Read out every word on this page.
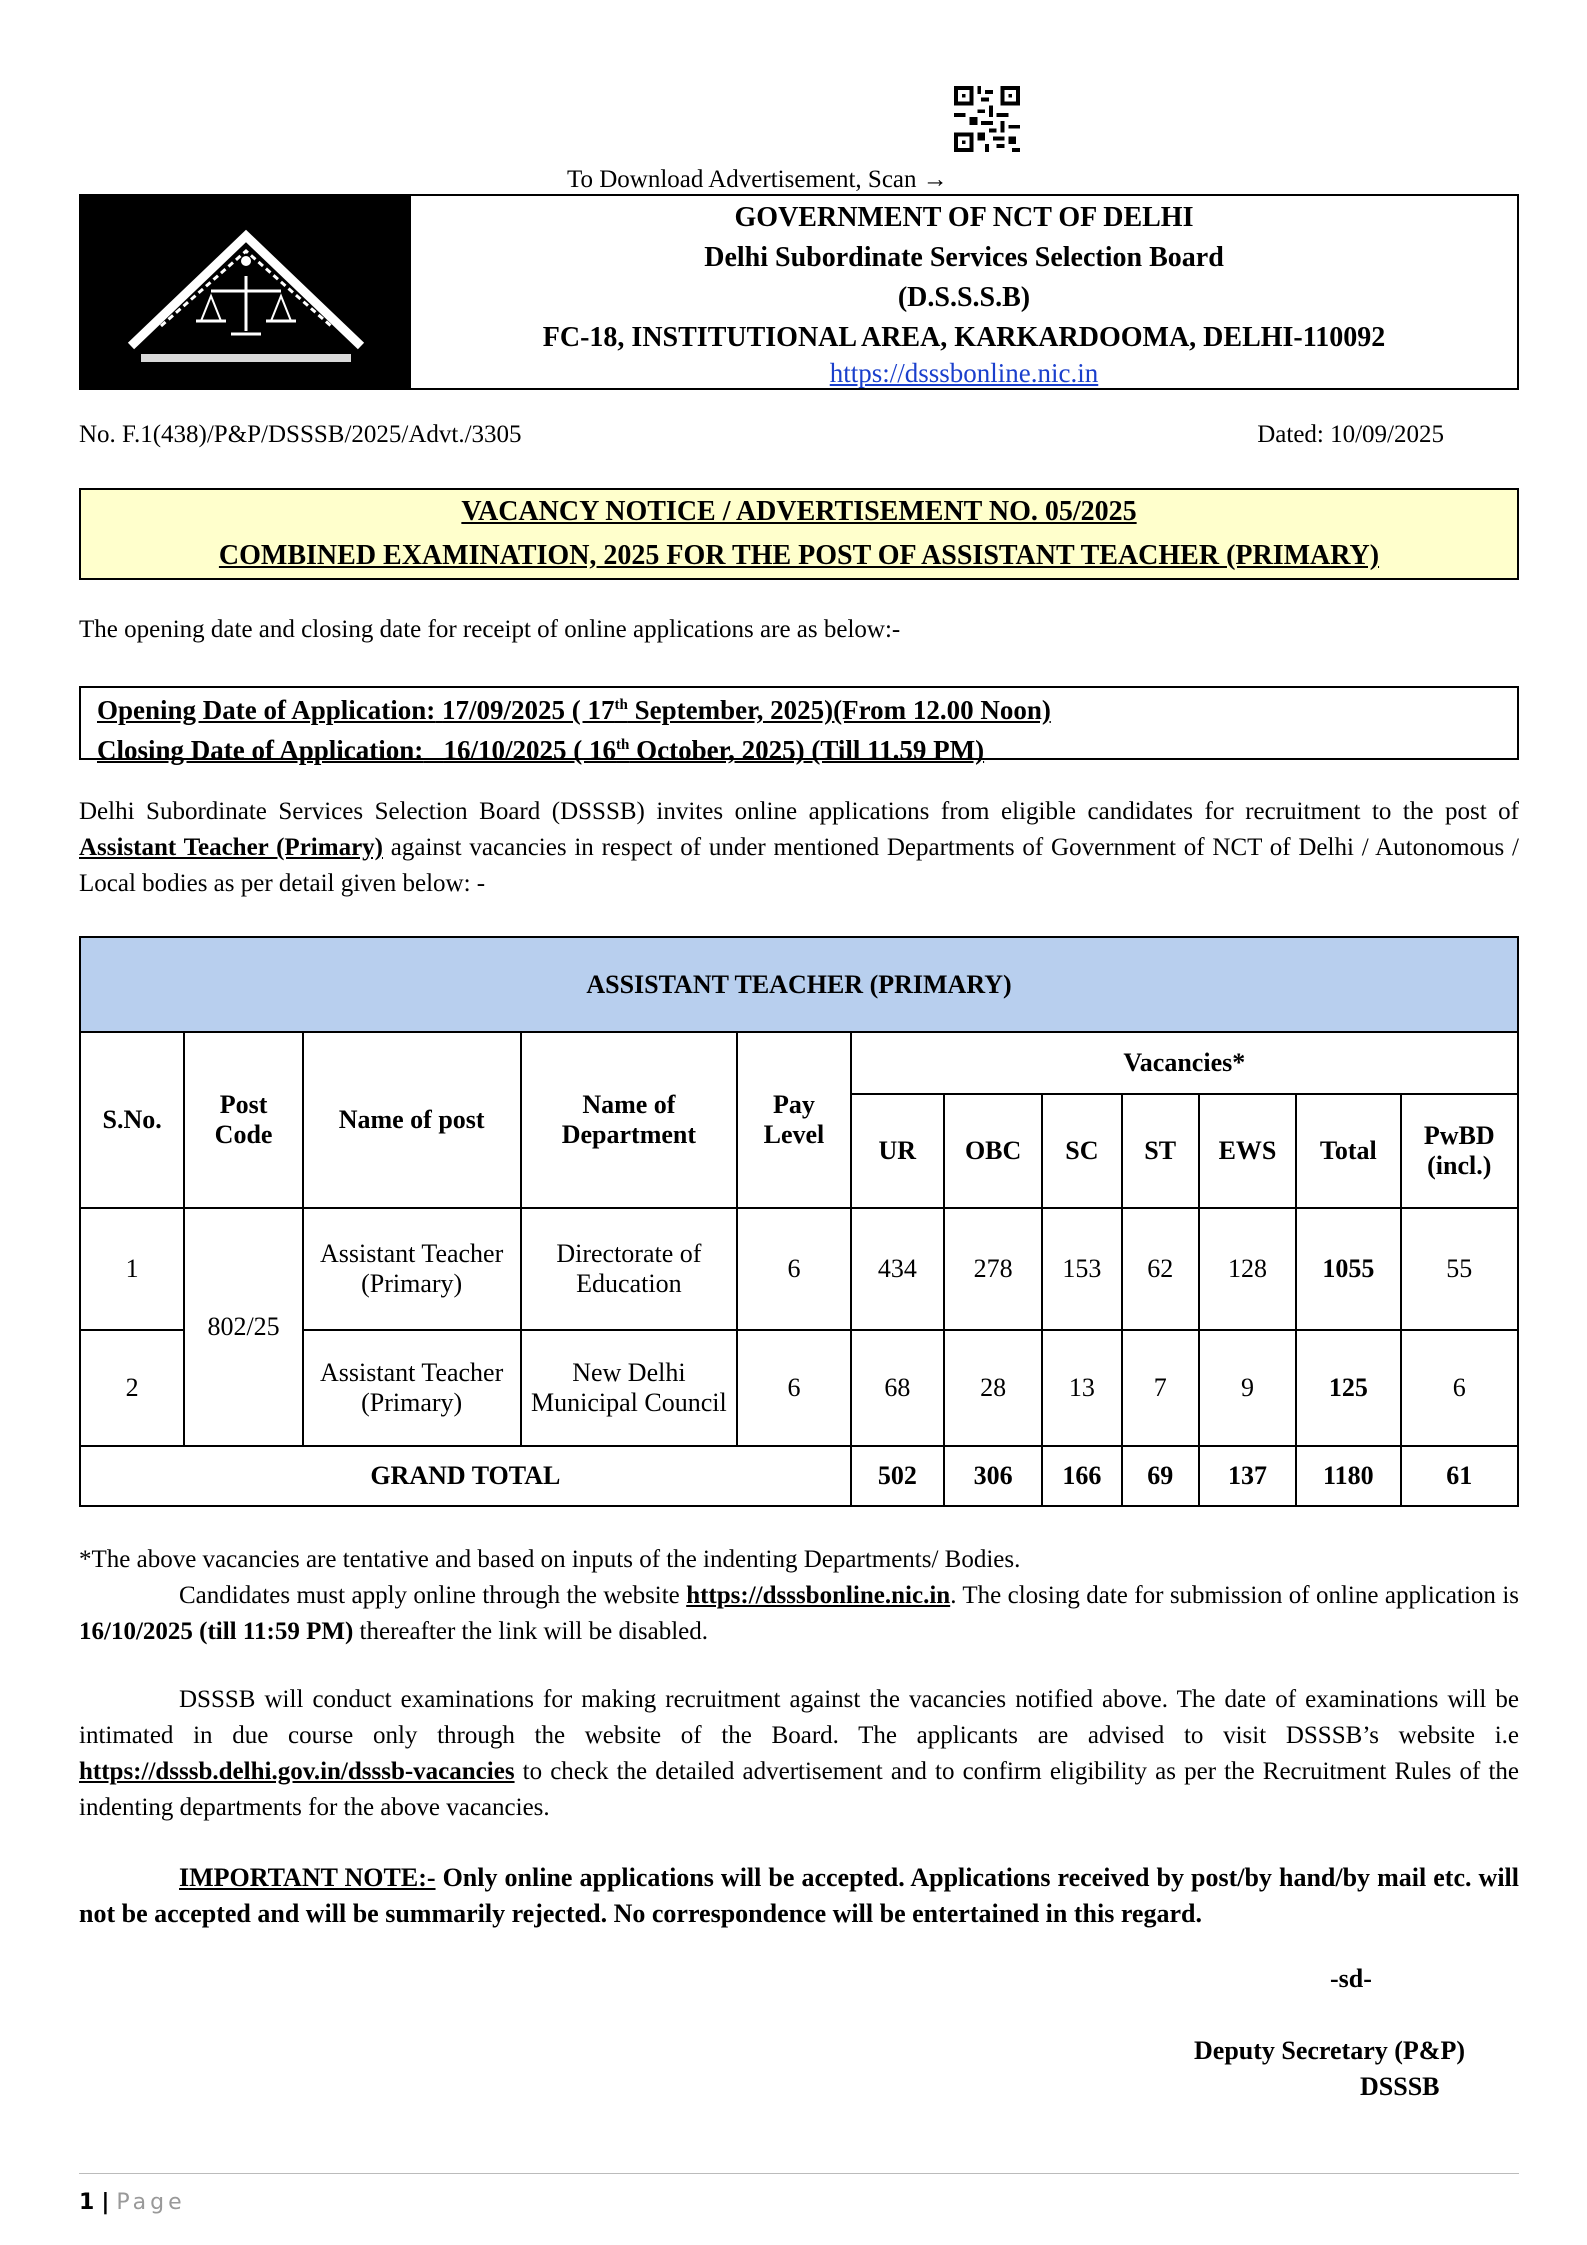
To Download Advertisement, Scan →
GOVERNMENT OF NCT OF DELHI
Delhi Subordinate Services Selection Board
(D.S.S.S.B)
FC-18, INSTITUTIONAL AREA, KARKARDOOMA, DELHI-110092
https://dsssbonline.nic.in
No. F.1(438)/P&P/DSSSB/2025/Advt./3305	Dated: 10/09/2025
VACANCY NOTICE / ADVERTISEMENT NO. 05/2025
COMBINED EXAMINATION, 2025 FOR THE POST OF ASSISTANT TEACHER (PRIMARY)
The opening date and closing date for receipt of online applications are as below:-
Opening Date of Application: 17/09/2025 ( 17th September, 2025)(From 12.00 Noon)
Closing Date of Application: 16/10/2025 ( 16th October, 2025) (Till 11.59 PM)
Delhi Subordinate Services Selection Board (DSSSB) invites online applications from eligible candidates for recruitment to the post of Assistant Teacher (Primary) against vacancies in respect of under mentioned Departments of Government of NCT of Delhi / Autonomous / Local bodies as per detail given below: -
ASSISTANT TEACHER (PRIMARY)											
S.No.	Post Code	Name of post	Name of Department	Pay Level	Vacancies*						
					UR	OBC	SC	ST	EWS	Total	PwBD (incl.)
1	802/25	Assistant Teacher (Primary)	Directorate of Education	6	434	278	153	62	128	1055	55
2		Assistant Teacher (Primary)	New Delhi Municipal Council	6	68	28	13	7	9	125	6
GRAND TOTAL					502	306	166	69	137	1180	61
*The above vacancies are tentative and based on inputs of the indenting Departments/ Bodies.
Candidates must apply online through the website https://dsssbonline.nic.in. The closing date for submission of online application is 16/10/2025 (till 11:59 PM) thereafter the link will be disabled.
DSSSB will conduct examinations for making recruitment against the vacancies notified above. The date of examinations will be intimated in due course only through the website of the Board. The applicants are advised to visit DSSSB’s website i.e https://dsssb.delhi.gov.in/dsssb-vacancies to check the detailed advertisement and to confirm eligibility as per the Recruitment Rules of the indenting departments for the above vacancies.
IMPORTANT NOTE:- Only online applications will be accepted. Applications received by post/by hand/by mail etc. will not be accepted and will be summarily rejected. No correspondence will be entertained in this regard.
-sd-
Deputy Secretary (P&P)
DSSSB
1 | Page
